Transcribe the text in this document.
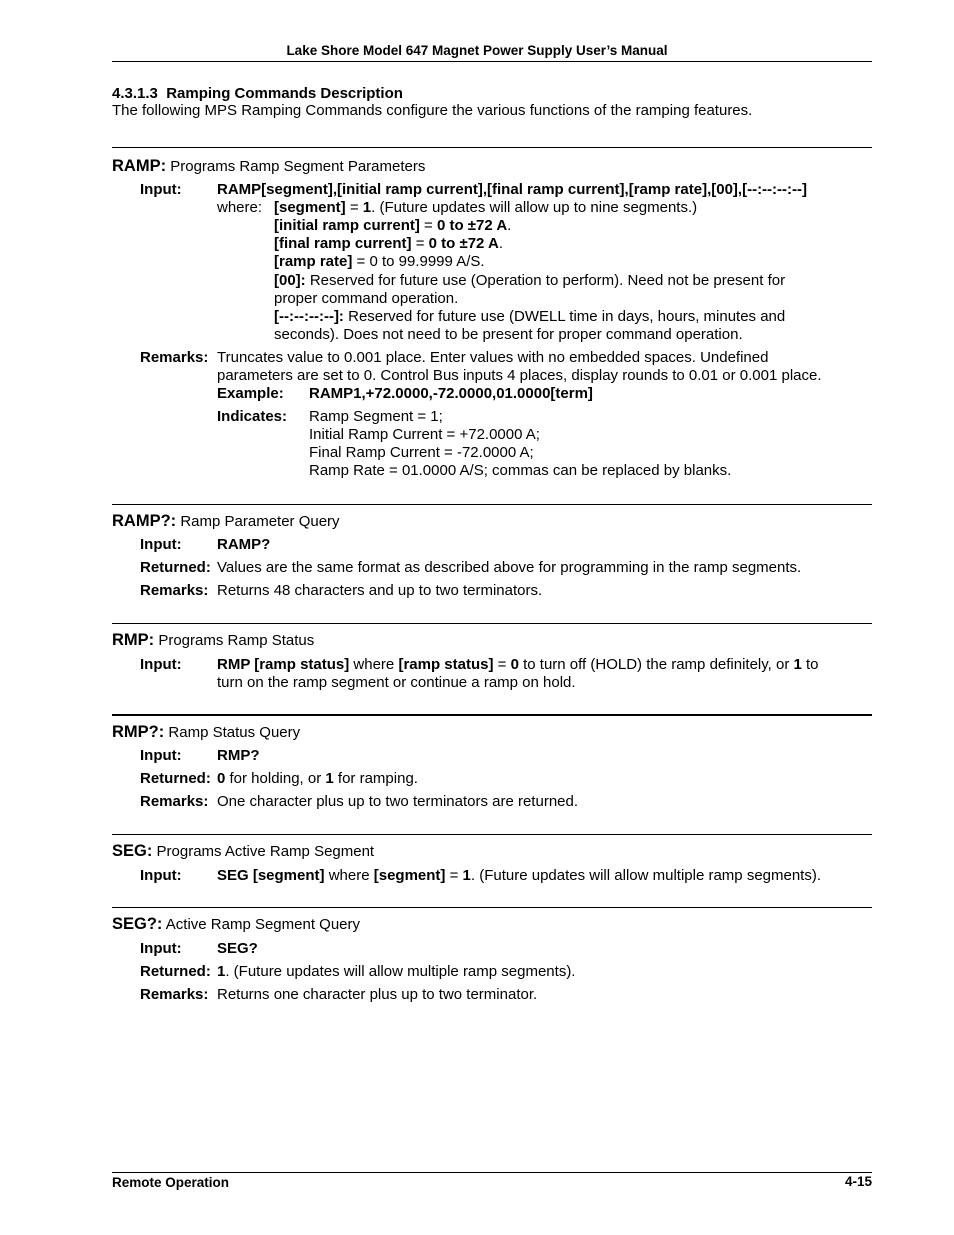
Lake Shore Model 647 Magnet Power Supply User’s Manual
4.3.1.3 Ramping Commands Description
The following MPS Ramping Commands configure the various functions of the ramping features.
RAMP: Programs Ramp Segment Parameters
Input: RAMP[segment],[initial ramp current],[final ramp current],[ramp rate],[00],[--:--:--:--]
where: [segment] = 1. (Future updates will allow up to nine segments.)
[initial ramp current] = 0 to ±72 A.
[final ramp current] = 0 to ±72 A.
[ramp rate] = 0 to 99.9999 A/S.
[00]: Reserved for future use (Operation to perform). Need not be present for
proper command operation.
[--:--:--:--]: Reserved for future use (DWELL time in days, hours, minutes and
seconds). Does not need to be present for proper command operation.
Remarks: Truncates value to 0.001 place. Enter values with no embedded spaces. Undefined
parameters are set to 0. Control Bus inputs 4 places, display rounds to 0.01 or 0.001 place.
Example: RAMP1,+72.0000,-72.0000,01.0000[term]
Indicates: Ramp Segment = 1;
Initial Ramp Current = +72.0000 A;
Final Ramp Current = -72.0000 A;
Ramp Rate = 01.0000 A/S; commas can be replaced by blanks.
RAMP?: Ramp Parameter Query
Input: RAMP?
Returned: Values are the same format as described above for programming in the ramp segments.
Remarks: Returns 48 characters and up to two terminators.
RMP: Programs Ramp Status
Input: RMP [ramp status] where [ramp status] = 0 to turn off (HOLD) the ramp definitely, or 1 to
turn on the ramp segment or continue a ramp on hold.
RMP?: Ramp Status Query
Input: RMP?
Returned: 0 for holding, or 1 for ramping.
Remarks: One character plus up to two terminators are returned.
SEG: Programs Active Ramp Segment
Input: SEG [segment] where [segment] = 1. (Future updates will allow multiple ramp segments).
SEG?: Active Ramp Segment Query
Input: SEG?
Returned: 1. (Future updates will allow multiple ramp segments).
Remarks: Returns one character plus up to two terminator.
Remote Operation	4-15
